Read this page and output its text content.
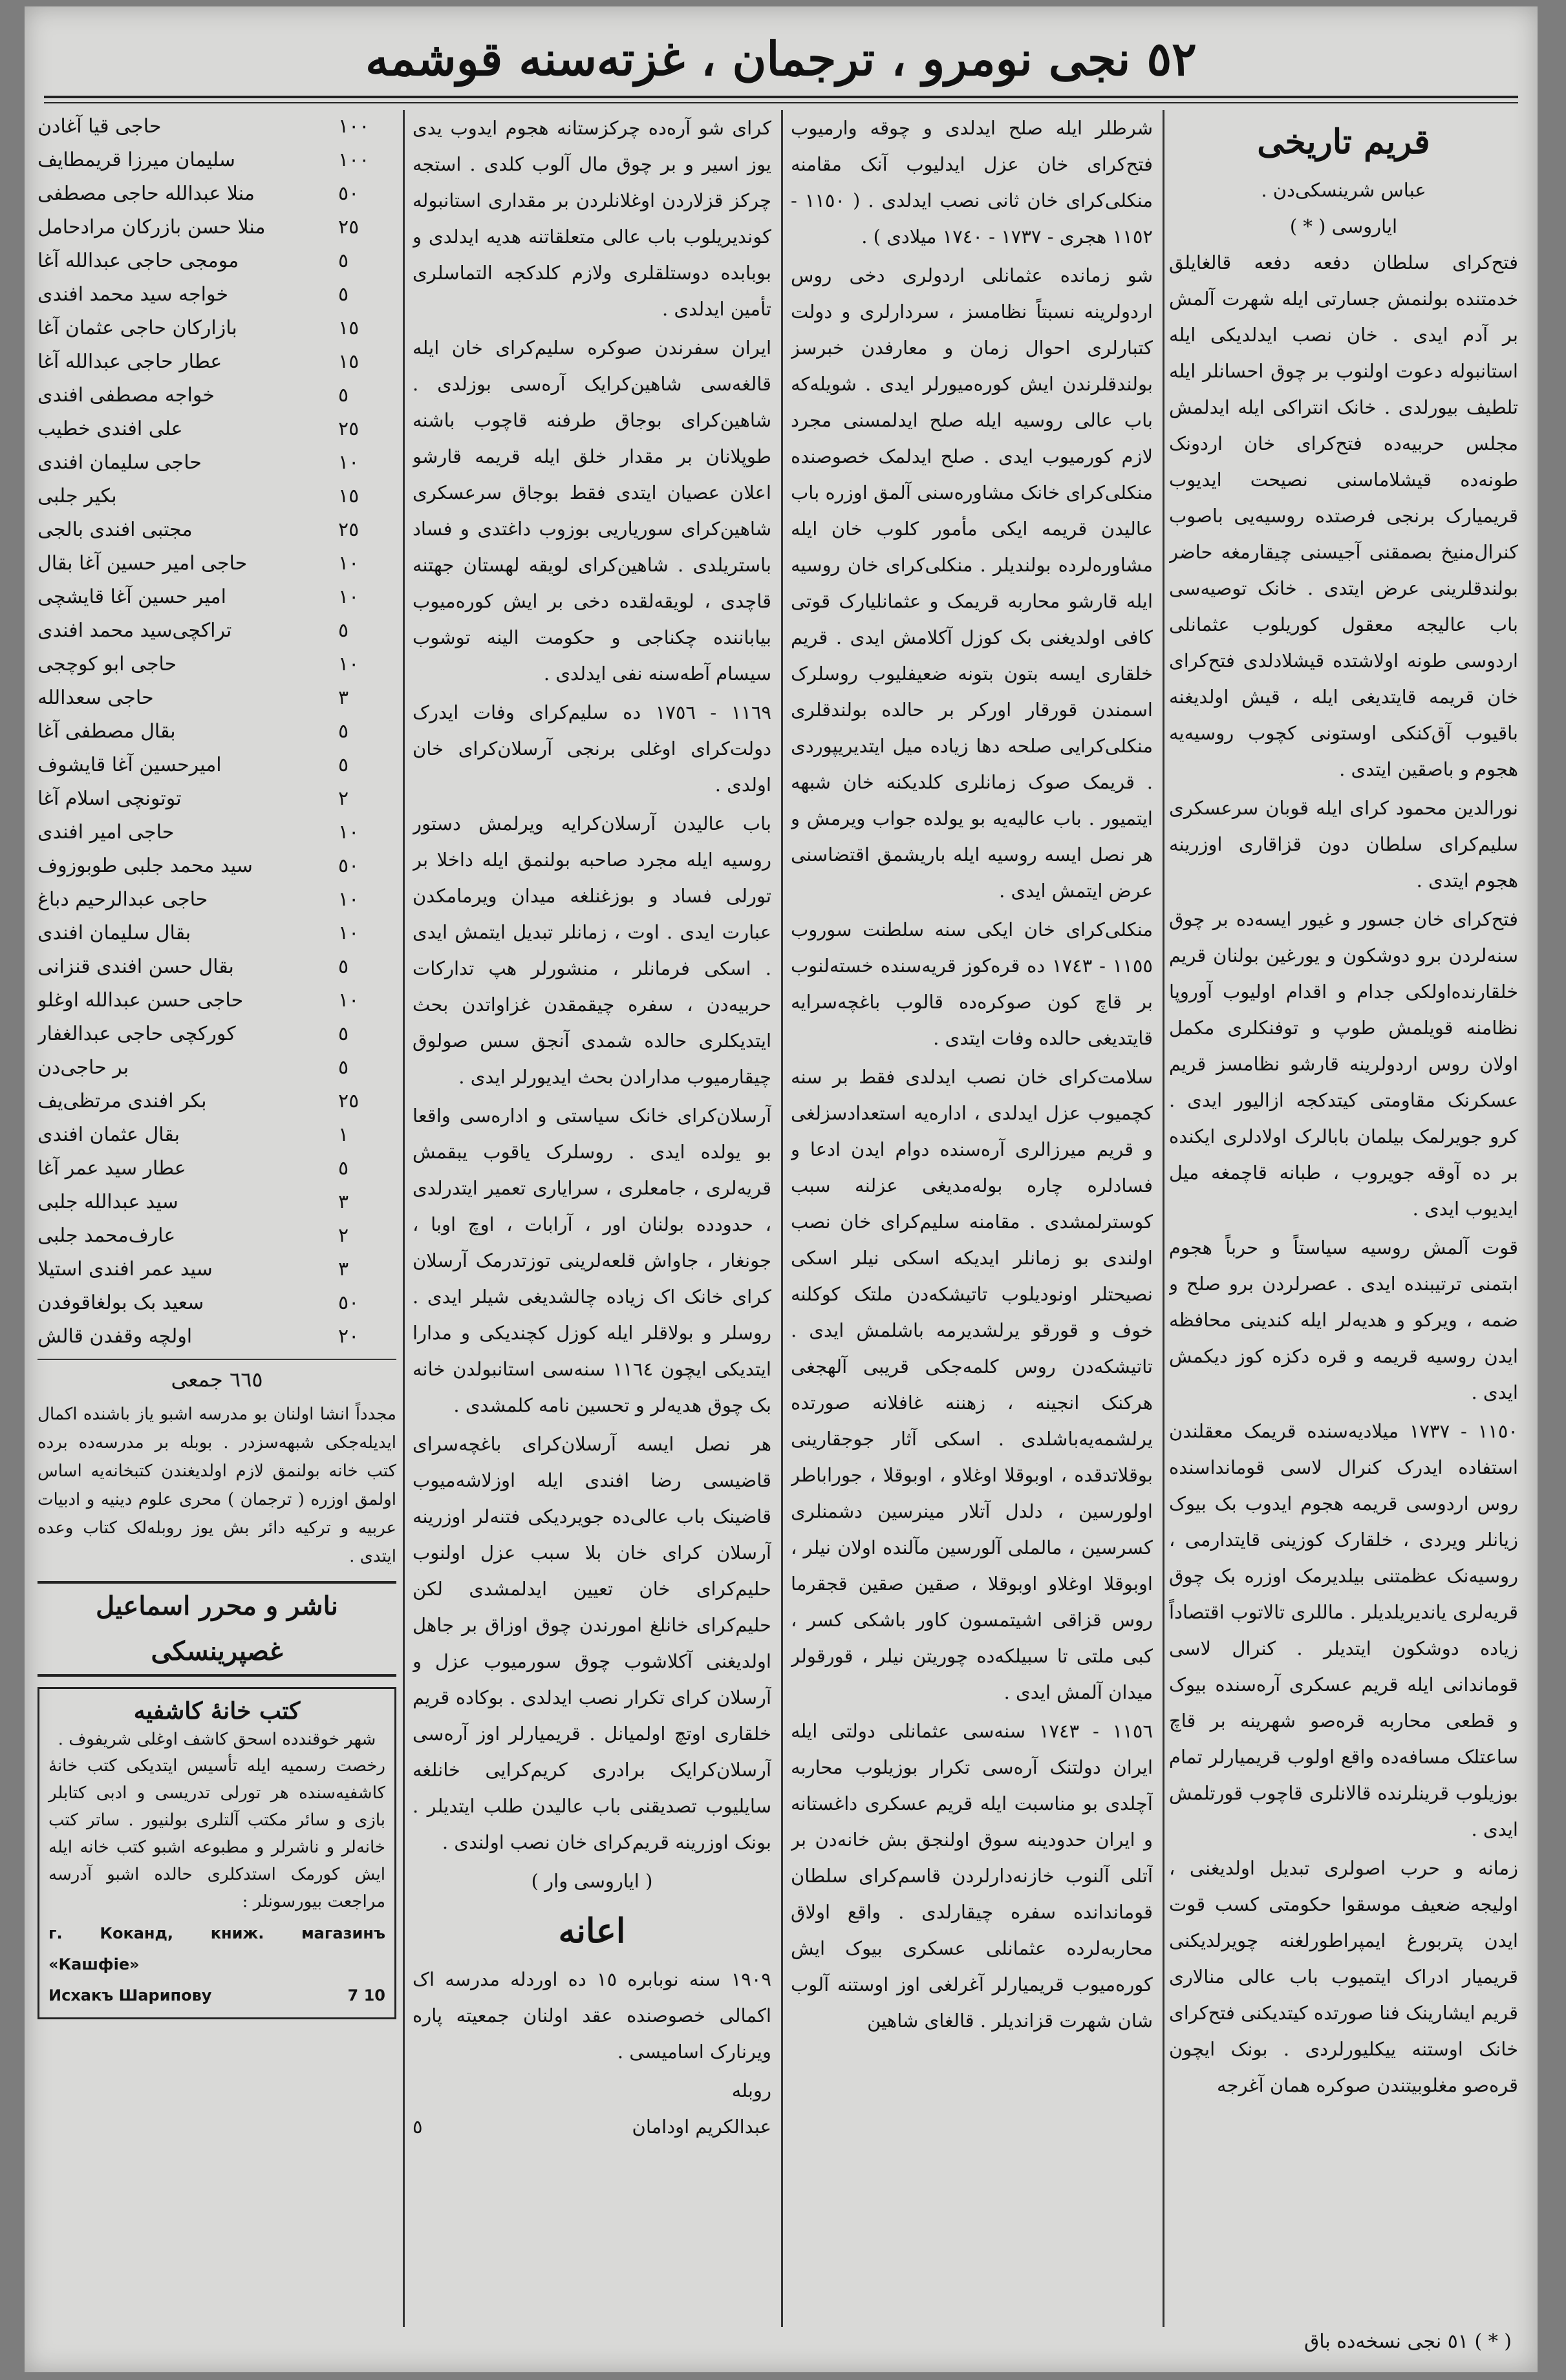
٥٢ نجی نومرو ، ترجمان ، غزته‌سنه قوشمه
قریم تاریخی
عباس شرینسکی‌دن .
ایاروسی ( * )

فتح‌کرای سلطان دفعه دفعه قالغایلق خدمتنده بولنمش جسارتی ایله شهرت آلمش بر آدم ایدی . خان نصب ایدلدیکی ایله استانبوله دعوت اولنوب بر چوق احسانلر ایله تلطیف بیورلدی . خانک انتراکی ایله ایدلمش مجلس حربیه‌ده فتح‌کرای خان اردونک طونه‌ده قیشلاماسنی نصیحت ایدیوب قریمیارک برنجی فرصتده روسیه‌یی باصوب کنرال‌منیخ‌ بصمقنی آجیسنی چیقارمغه حاضر بولندقلرینی عرض ایتدی . خانک توصیه‌سی باب عالیجه معقول کوریلوب عثمانلی اردوسی طونه اولاشتده قیشلادلدی فتح‌کرای خان قریمه قایتدیغی ایله ، قیش اولدیغنه باقیوب آق‌کنکی اوستونی کچوب روسیه‌یه هجوم و باصقین ایتدی .

نورالدین محمود کرای ایله قوبان سرعسکری سلیم‌کرای سلطان دون قزاقاری اوزرینه هجوم ایتدی .

فتح‌کرای خان جسور و غیور ایسه‌ده بر چوق سنه‌لردن برو دوشکون و یورغین بولنان قریم خلقارنده‌اولکی جدام و اقدام اولیوب آوروپا نظامنه قویلمش طوپ و توفنکلری مکمل اولان روس اردولرینه قارشو نظامسز قریم عسکرنک مقاومتی کیتدکجه ازالیور ایدی . کرو جویرلمک بیلمان بابالرک اولادلری ایکنده بر ده آوقه جویروب ، طبانه قاچمغه میل ایدیوب ایدی .

قوت آلمش روسیه سیاستاً و حرباً هجوم ابتمنی ترتیبنده ایدی . عصرلردن برو صلح و ضمه ، ویرکو و هدیه‌لر ایله کندینی محافظه ایدن روسیه قریمه و قره دکزه کوز دیکمش ایدی .

١١٥٠ - ١٧٣٧ میلادیه‌سنده قریمک معقلندن استفاده ایدرک کنرال لاسی قومانداسنده روس اردوسی قریمه هجوم ایدوب بک بیوک زیانلر ویردی ، خلقارک کوزینی قایتدارمی ، روسیه‌نک عظمتنی بیلدیرمک اوزره بک چوق قریه‌لری یاندیریلدیلر . ماللری تالاتوب اقتصاداً زیاده دوشکون ایتدیلر . کنرال لاسی قوماندانی ایله قریم عسکری آره‌سنده بیوک و قطعی محاربه قره‌صو شهرینه بر قاچ ساعتلک مسافه‌ده واقع اولوب قریمیارلر تمام بوزیلوب قرینلرنده قالانلری قاچوب قورتلمش ایدی .

زمانه و حرب اصولری تبدیل اولدیغنی ، اولیجه ضعیف موسقوا حکومتی کسب قوت ایدن پتربورغ ایمپراطورلغنه چویرلدیکنی قریمیار ادراک ایتمیوب باب عالی منالاری قریم ایشارینک فنا صورتده کیتدیکنی فتح‌کرای خانک اوستنه ییکلیورلردی . بونک ایچون قره‌صو مغلوبیتندن صوکره همان آغرجه

( * ) ٥١ نجی نسخه‌ده باق

شرطلر ایله صلح ایدلدی و چوقه وارمیوب فتح‌کرای خان عزل ایدلیوب آنک مقامنه منکلی‌کرای خان ثانی نصب ایدلدی . ( ١١٥٠ - ١١٥٢ هجری - ١٧٣٧ - ١٧٤٠ میلادی ) .

شو زمانده عثمانلی اردولری دخی روس اردولرینه نسبتاً نظامسز ، سردارلری و دولت کتبارلری احوال زمان و معارفدن خبرسز بولندقلرندن ایش کوره‌میورلر ایدی . شویله‌که باب عالی روسیه ایله صلح ایدلمسنی مجرد لازم کورمیوب ایدی . صلح ایدلمک خصوصنده منکلی‌کرای خانک مشاوره‌سنی آلمق اوزره باب عالیدن قریمه ایکی مأمور کلوب خان ایله مشاوره‌لرده بولندیلر . منکلی‌کرای خان روسیه ایله قارشو محاربه قریمک و عثمانلیارک قوتی کافی اولدیغنی بک کوزل آکلامش ایدی . قریم خلقاری ایسه بتون بتونه ضعیفلیوب روسلرک اسمندن قورقار اورکر بر حالده بولندقلری منکلی‌کرایی صلحه دها زیاده میل ایتدیریپوردی . قریمک صوک زمانلری کلدیکنه خان شبهه ایتمیور . باب عالیه‌یه بو یولده جواب ویرمش و هر نصل ایسه روسیه ایله باریشمق اقتضاسنی عرض ایتمش ایدی .

منکلی‌کرای خان ایکی سنه سلطنت سوروب ١١٥٥ - ١٧٤٣ ده قره‌کوز قریه‌سنده خسته‌لنوب بر قاچ کون صوکره‌ده قالوب باغچه‌سرایه قایتدیغی حالده وفات ایتدی .

سلامت‌کرای خان نصب ایدلدی فقط بر سنه کچمیوب عزل ایدلدی ، اداره‌یه استعدادسزلغی و قریم میرزالری آره‌سنده دوام ایدن ادعا و فسادلره چاره بوله‌مدیغی عزلنه سبب کوسترلمشدی . مقامنه سلیم‌کرای خان نصب اولندی بو زمانلر ایدیکه اسکی نیلر اسکی نصیحتلر اونودیلوب تاتیشکه‌دن ملتک کوکلنه خوف و قورقو یرلشدیرمه باشلمش ایدی . تاتیشکه‌دن روس کلمه‌جکی قریبی آلهجغی هرکنک انجینه ، زهننه غافلانه صورتده یرلشمه‌یه‌باشلدی . اسکی آثار جوجقارینی بوقلاتدقده ، اوبوقلا اوغلاو ، اوبوقلا ، جوراباطر اولورسین ، دلدل آتلار مینرسین دشمنلری کسرسین ، مالملی آلورسین مآلنده اولان نیلر ، اوبوقلا اوغلاو اوبوقلا ، صقین صقین قجقرما روس قزاقی اشیتمسون کاور باشکی کسر ، کبی ملتی تا سبیلکه‌ده چوریتن نیلر ، قورقولر میدان آلمش ایدی .

١١٥٦ - ١٧٤٣ سنه‌سی عثمانلی دولتی ایله ایران دولتنک آره‌سی تکرار بوزیلوب محاربه آچلدی بو مناسبت ایله قریم عسکری داغستانه و ایران حدودینه سوق اولنجق بش خانه‌دن بر آتلی آلنوب خازنه‌دارلردن قاسم‌کرای سلطان قوماندانده سفره چیقارلدی . واقع اولاق محاربه‌لرده عثمانلی عسکری بیوک ایش کوره‌میوب قریمیارلر آغرلغی اوز اوستنه آلوب شان شهرت قزاندیلر . قالغای شاهین

کرای شو آره‌ده چرکزستانه هجوم ایدوب یدی یوز اسیر و بر چوق مال آلوب کلدی . استجه چرکز قزلاردن اوغلانلردن بر مقداری استانبوله کوندیریلوب باب عالی متعلقاتنه هدیه ایدلدی و بوبابده دوستلقلری ولازم کلدکجه التماسلری تأمین ایدلدی .

ایران سفرندن صوکره سلیم‌کرای خان ایله قالغه‌سی شاهین‌کرایک آره‌سی بوزلدی . شاهین‌کرای بوجاق طرفنه قاچوب باشنه طوپلانان بر مقدار خلق ایله قریمه قارشو اعلان عصیان ایتدی فقط بوجاق سرعسکری شاهین‌کرای سوریاریی بوزوب داغتدی و فساد باستریلدی . شاهین‌کرای لویقه لهستان جهتنه قاچدی ، لویقه‌لقده دخی بر ایش کوره‌میوب بیاباننده چکناجی و حکومت الینه توشوب سیسام آطه‌سنه نفی ایدلدی .

١١٦٩ - ١٧٥٦ ده سلیم‌کرای وفات ایدرک دولت‌کرای اوغلی برنجی آرسلان‌کرای خان اولدی .

باب عالیدن آرسلان‌کرایه ویرلمش دستور روسیه ایله مجرد صاحبه بولنمق ایله داخلا بر تورلی فساد و بوزغنلغه میدان ویرمامکدن عبارت ایدی . اوت ، زمانلر تبدیل ایتمش ایدی . اسکی فرمانلر ، منشورلر هپ تدارکات حربیه‌دن ، سفره چیقمقدن غزاواتدن بحث ایتدیکلری حالده شمدی آنجق سس صولوق چیقارمیوب مدارادن بحث ایدیورلر ایدی .

آرسلان‌کرای خانک سیاستی و ادارەسی واقعا بو یولده ایدی . روسلرک یاقوب یبقمش قریه‌لری ، جامعلری ، سرایاری تعمیر ایتدرلدی ، حدودده بولنان اور ، آرابات ، اوچ اوبا ، جونغار ، جاواش قلعه‌لرینی توزتدرمک آرسلان کرای خانک اک زیاده چالشدیغی شیلر ایدی . روسلر و بولاقلر ایله کوزل کچندیکی و مدارا ایتدیکی ایچون ١١٦٤ سنه‌سی استانبولدن خانه بک چوق هدیه‌لر و تحسین نامه کلمشدی .

هر نصل ایسه آرسلان‌کرای باغچه‌سرای قاضیسی رضا افندی ایله اوزلاشه‌میوب قاضینک باب عالی‌ده جویردیکی فتنه‌لر اوزرینه آرسلان کرای خان بلا سبب عزل اولنوب حلیم‌کرای خان تعیین ایدلمشدی لکن حلیم‌کرای خانلغ امورندن چوق اوزاق بر جاهل اولدیغنی آکلاشوب چوق سورمیوب عزل و آرسلان کرای تکرار نصب ایدلدی . بوکاده قریم خلقاری اوتچ اولمیانل . قریمیارلر اوز آره‌سی آرسلان‌کرایک برادری کریم‌کرایی خانلغه سایلیوب تصدیقنی باب عالیدن طلب ایتدیلر . بونک اوزرینه قریم‌کرای خان نصب اولندی .

( ایاروسی وار )

اعانه

١٩٠٩ سنه نوبابره ١٥ ده اوردله مدرسه اک اکمالی خصوصنده عقد اولنان جمعیته پاره ویرنارک اسامیسی .

روبله
عبدالکریم اودامان
٥
١٠٠
حاجی قیا آغادن
١٠٠
سلیمان میرزا قریمطایف
٥٠
منلا عبدالله حاجی مصطفی
٢٥
منلا حسن بازرکان مرادحامل
٥
مومجی حاجی عبدالله آغا
٥
خواجه سید محمد افندی
١٥
بازارکان حاجی عثمان آغا
١٥
عطار حاجی عبدالله آغا
٥
خواجه مصطفی افندی
٢٥
علی افندی خطیب
١٠
حاجی سلیمان افندی
١٥
بکیر جلبی
٢٥
مجتبی افندی بالجی
١٠
حاجی امیر حسین آغا بقال
١٠
امیر حسین آغا قایشچی
٥
تراکچی‌سید محمد افندی
١٠
حاجی ابو کوچجی
٣
حاجی سعدالله
٥
بقال مصطفی آغا
٥
امیرحسین آغا قایشوف
٢
توتونچی اسلام آغا
١٠
حاجی امیر افندی
٥٠
سید محمد جلبی طوبوزوف
١٠
حاجی عبدالرحیم دباغ
١٠
بقال سلیمان افندی
٥
بقال حسن افندی قنزانی
١٠
حاجی حسن عبدالله اوغلو
٥
کورکچی حاجی عبدالغفار
٥
بر حاجی‌دن
٢٥
بکر افندی مرتظی‌یف
١
بقال عثمان افندی
٥
عطار سید عمر آغا
٣
سید عبدالله جلبی
٢
عارف‌محمد جلبی
٣
سید عمر افندی استیلا
٥٠
سعید بک بولغاقوفدن
٢٠
اولچه وقفدن قالش
٦٦٥ جمعی

مجدداً انشا اولنان بو مدرسه اشبو یاز باشنده اکمال ایدیله‌جکی شبهه‌سزدر . بوبله بر مدرسه‌ده برده کتب خانه بولنمق لازم اولدیغندن کتبخانه‌یه اساس اولمق اوزره ( ترجمان ) محری علوم دینیه و ادبیات عربیه و ترکیه دائر بش یوز روبله‌لک کتاب وعده ایتدی .

ناشر و محرر اسماعیل غصپرینسکی
کتب خانهٔ کاشفیه
شهر خوقندده اسحق کاشف اوغلی شریفوف .

رخصت رسمیه ایله تأسیس ایتدیکی کتب خانهٔ کاشفیه‌سنده هر تورلی تدریسی و ادبی کتابلر بازی و سائر مکتب آلتلری بولنیور . ساتر کتب خانه‌لر و ناشرلر و مطبوعه اشبو کتب خانه ایله ایش کورمک استدکلری حالده اشبو آدرسه مراجعت بیورسونلر :

г. Коканд, книж. магазинъ «Кашфіе»
Исхакъ Шарипову	7 10
